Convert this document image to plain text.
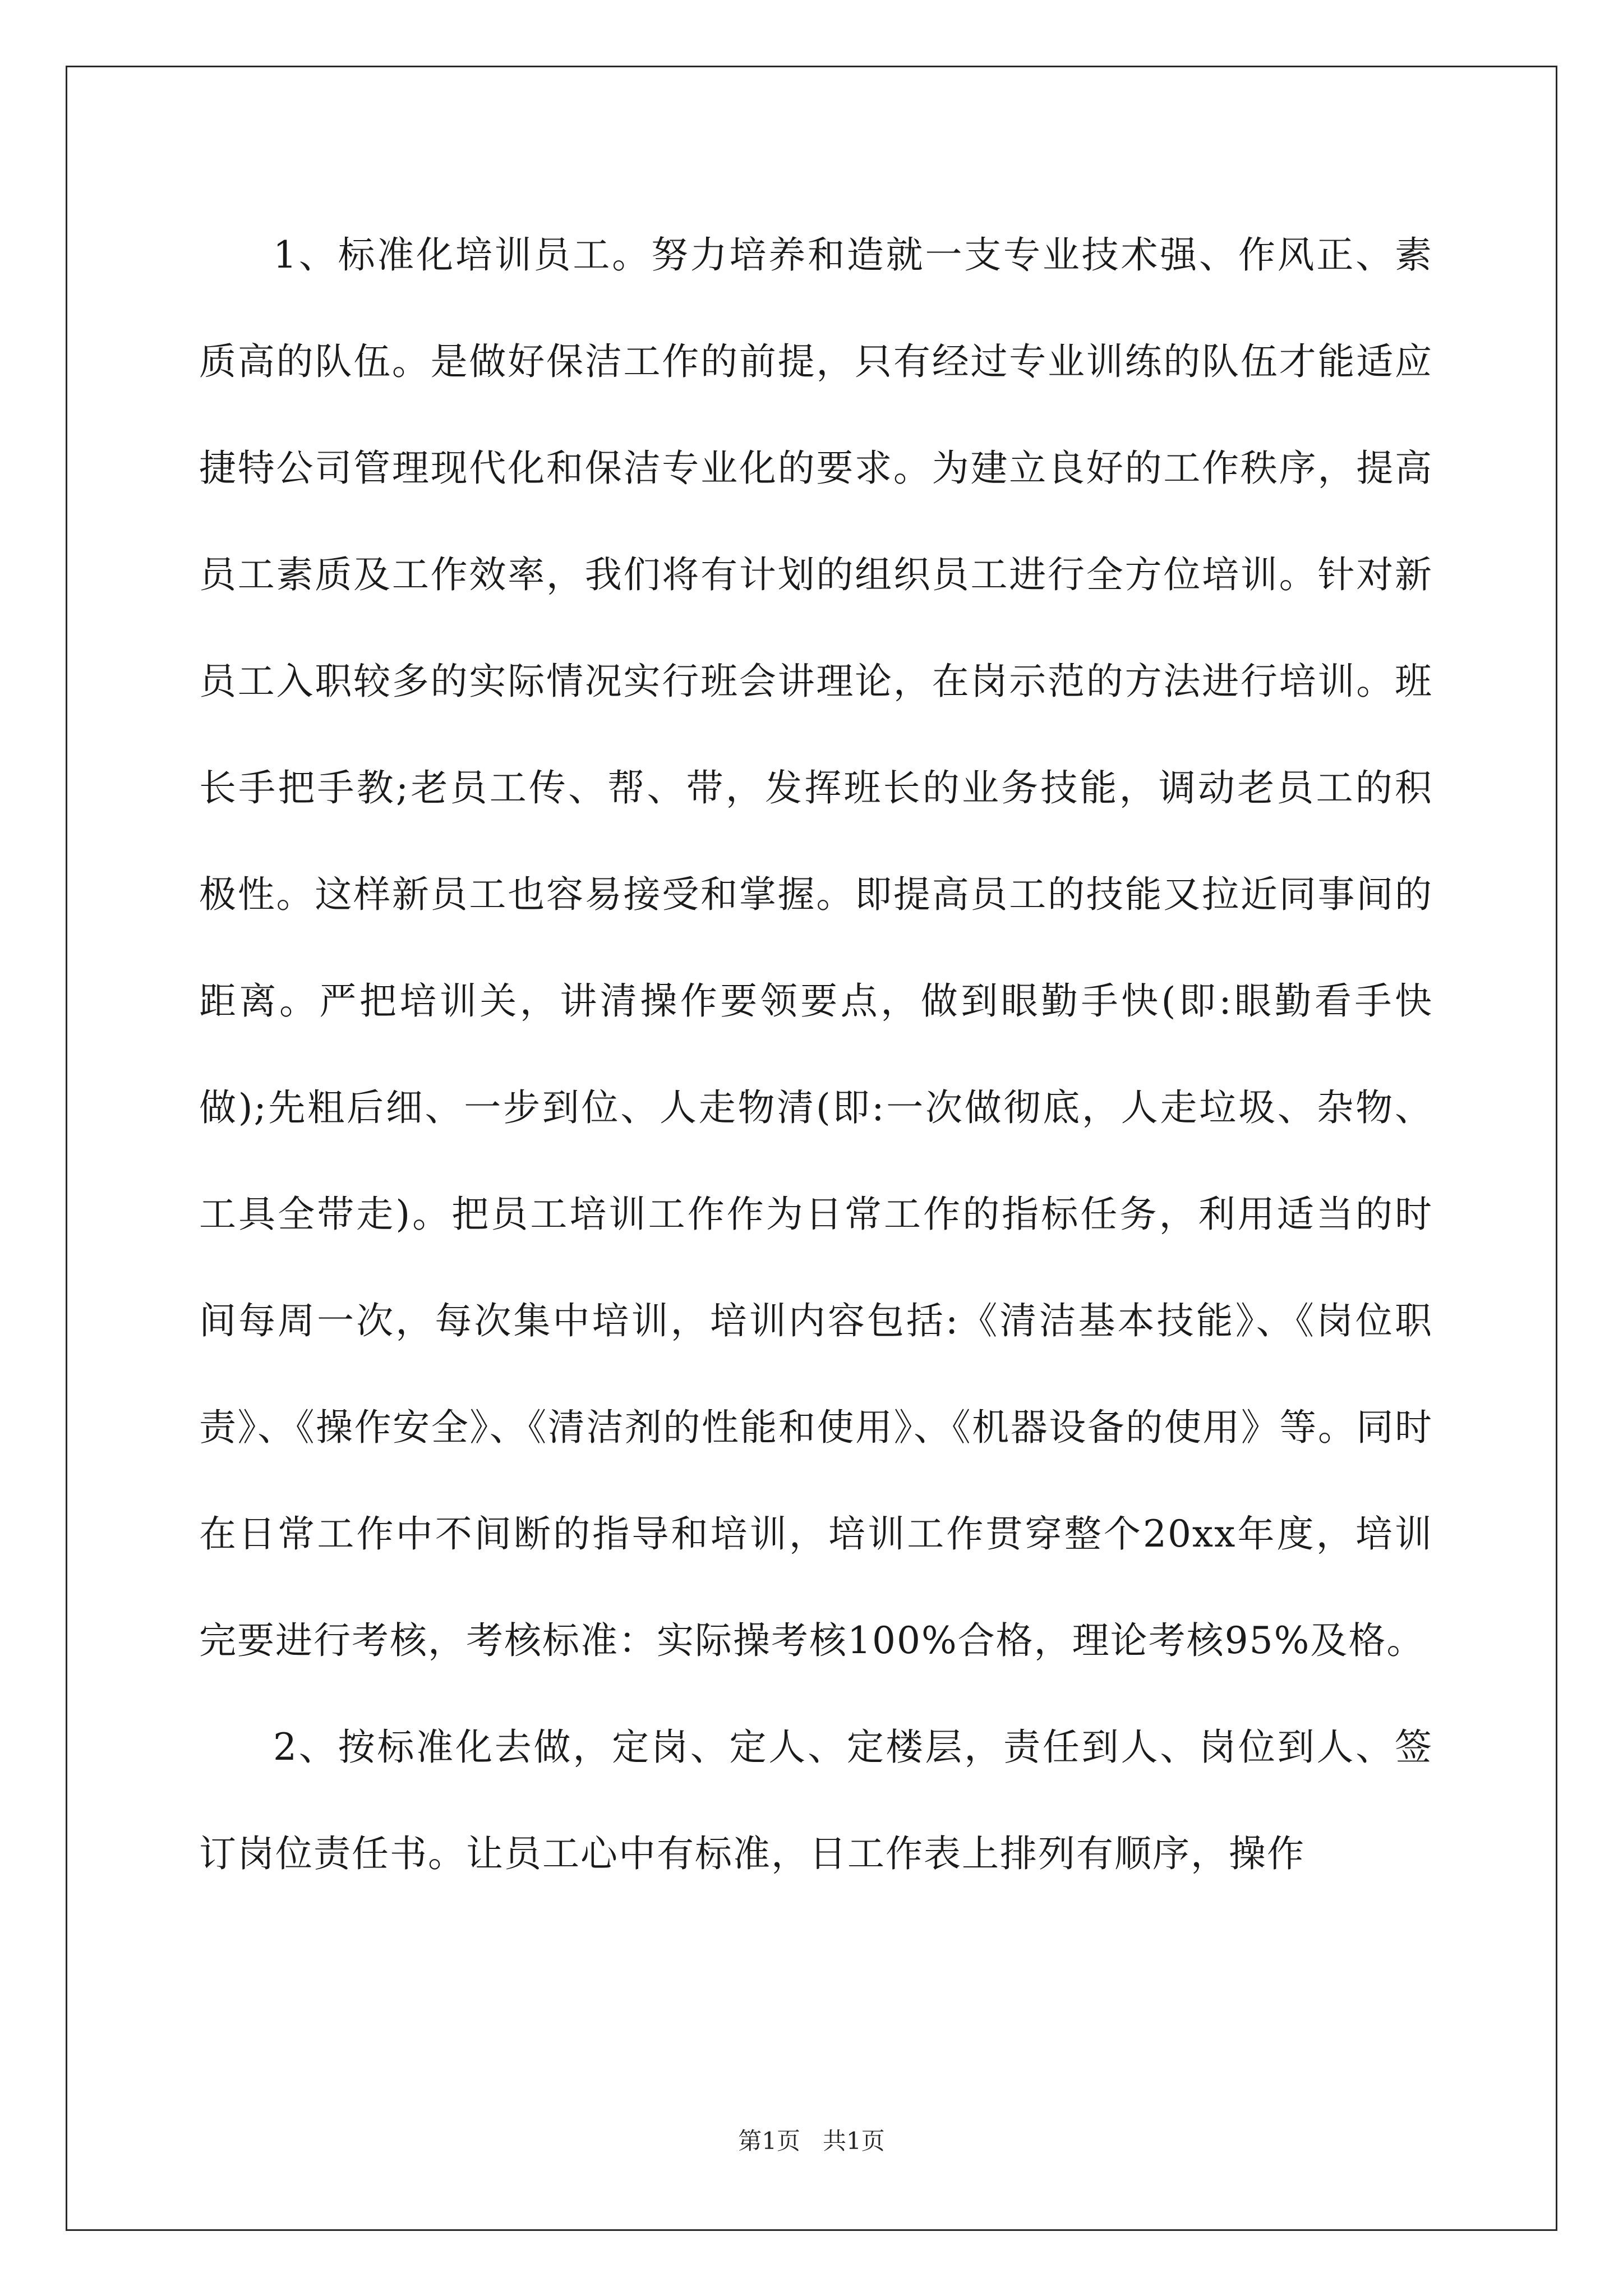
1、标准化培训员工。努力培养和造就一支专业技术强、作风正、素质高的队伍。是做好保洁工作的前提，只有经过专业训练的队伍才能适应捷特公司管理现代化和保洁专业化的要求。为建立良好的工作秩序，提高员工素质及工作效率，我们将有计划的组织员工进行全方位培训。针对新员工入职较多的实际情况实行班会讲理论，在岗示范的方法进行培训。班长手把手教;老员工传、帮、带，发挥班长的业务技能，调动老员工的积极性。这样新员工也容易接受和掌握。即提高员工的技能又拉近同事间的距离。严把培训关，讲清操作要领要点，做到眼勤手快(即:眼勤看手快做);先粗后细、一步到位、人走物清(即:一次做彻底，人走垃圾、杂物、工具全带走)。把员工培训工作作为日常工作的指标任务，利用适当的时间每周一次，每次集中培训，培训内容包括:《清洁基本技能》、《岗位职责》、《操作安全》、《清洁剂的性能和使用》、《机器设备的使用》等。同时在日常工作中不间断的指导和培训，培训工作贯穿整个20xx年度，培训完要进行考核，考核标准：实际操考核100%合格，理论考核95%及格。

2、按标准化去做，定岗、定人、定楼层，责任到人、岗位到人、签订岗位责任书。让员工心中有标准，日工作表上排列有顺序，操作

第1页 共1页
